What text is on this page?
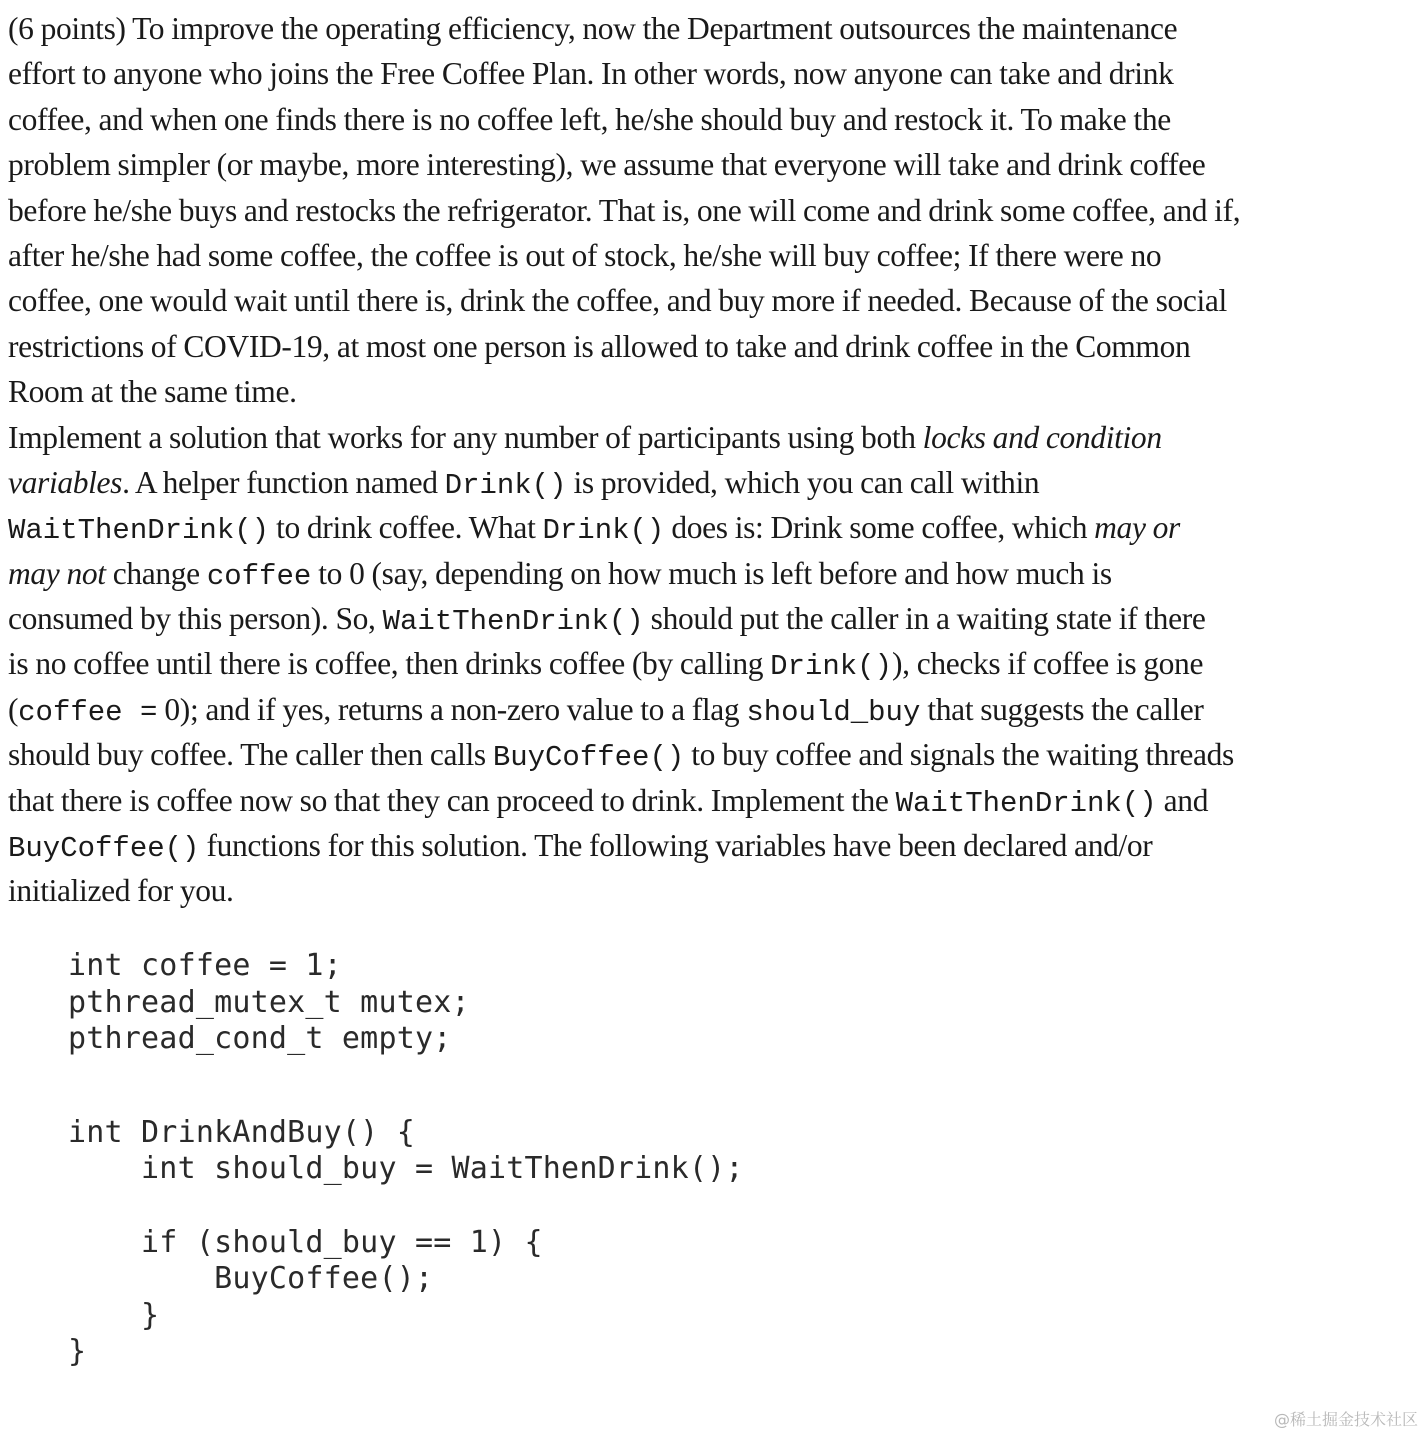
(6 points) To improve the operating efficiency, now the Department outsources the maintenance
effort to anyone who joins the Free Coffee Plan. In other words, now anyone can take and drink
coffee, and when one finds there is no coffee left, he/she should buy and restock it. To make the
problem simpler (or maybe, more interesting), we assume that everyone will take and drink coffee
before he/she buys and restocks the refrigerator. That is, one will come and drink some coffee, and if,
after he/she had some coffee, the coffee is out of stock, he/she will buy coffee; If there were no
coffee, one would wait until there is, drink the coffee, and buy more if needed. Because of the social
restrictions of COVID-19, at most one person is allowed to take and drink coffee in the Common
Room at the same time.
Implement a solution that works for any number of participants using both locks and condition
variables. A helper function named Drink() is provided, which you can call within
WaitThenDrink() to drink coffee. What Drink() does is: Drink some coffee, which may or
may not change coffee to 0 (say, depending on how much is left before and how much is
consumed by this person). So, WaitThenDrink() should put the caller in a waiting state if there
is no coffee until there is coffee, then drinks coffee (by calling Drink()), checks if coffee is gone
(coffee = 0); and if yes, returns a non-zero value to a flag should_buy that suggests the caller
should buy coffee. The caller then calls BuyCoffee() to buy coffee and signals the waiting threads
that there is coffee now so that they can proceed to drink. Implement the WaitThenDrink() and
BuyCoffee() functions for this solution. The following variables have been declared and/or
initialized for you.
int coffee = 1;
pthread_mutex_t mutex;
pthread_cond_t empty;
int DrinkAndBuy() {
int should_buy = WaitThenDrink();
if (should_buy == 1) {
BuyCoffee();
}
}
@稀土掘金技术社区
